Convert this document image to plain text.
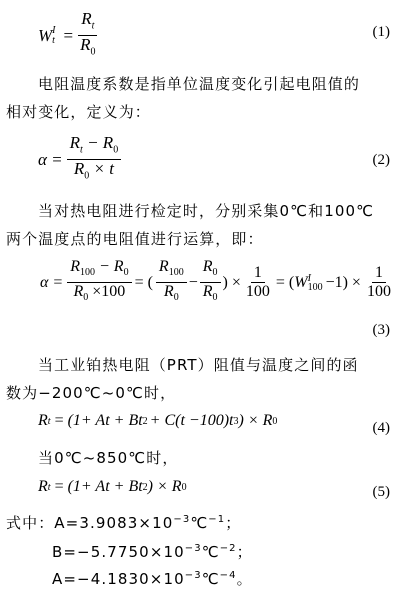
W I
$t = \frac{R_t}{R_0}$	(1)
电阻温度系数是指单位温度变化引起电阻值的
相对变化，定义为：
$\alpha = \frac{R_t - R_0}{R_0 \times t}$	(2)
当对热电阻进行检定时，分别采集0℃和100℃
两个温度点的电阻值进行运算，即：
$\alpha = \frac{R_{100} - R_0}{R_0 \times 100}$ = ( $\frac{R_{100}}{R_0} - \frac{R_0}{R_0}$ ) × $\frac{1}{100} = (W$ I
$100 -1) \times \frac{1}{100}$
(3)
当工业铂热电阻（PRT）阻值与温度之间的函
数为−200℃~0℃时，
R t = (1+ At + Bt 2 + C(t −100)t 3 ) × R 0	(4)
当0℃~850℃时，
R t = (1+ At + Bt 2 ) × R 0	(5)
式中：$A=3.9083\times 10^{-3}℃^{-1}$；
$B=-5.7750\times 10^{-3}℃^{-2}$；
$A=-4.1830\times 10^{-3}℃^{-4}$。
